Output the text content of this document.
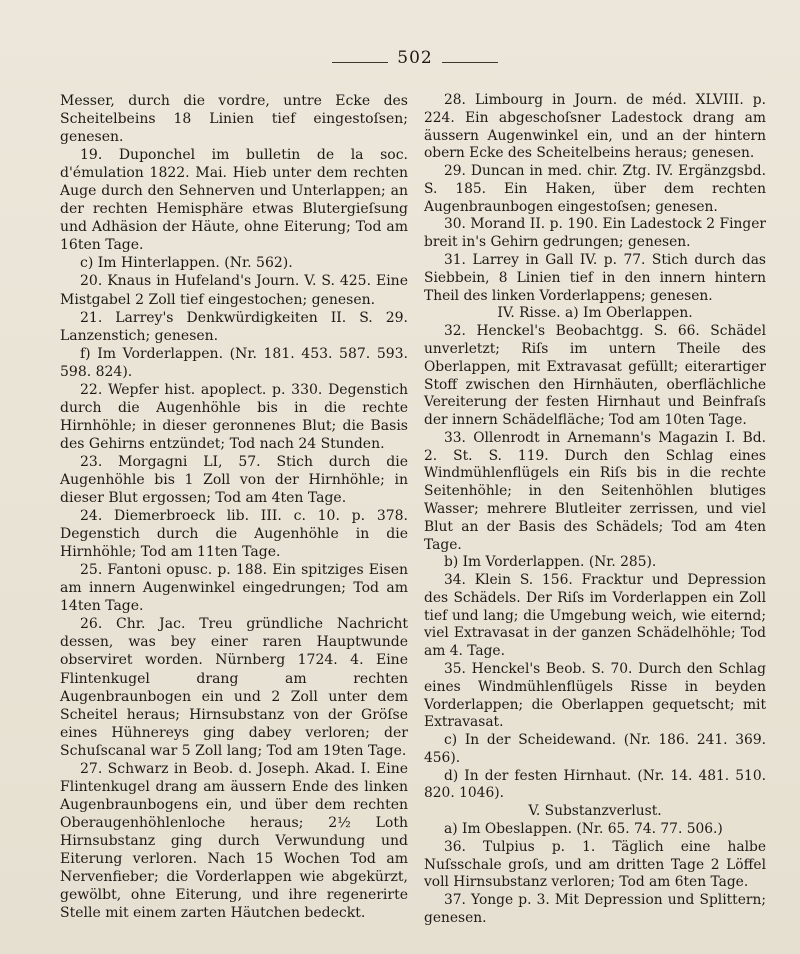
502

Messer, durch die vordre, untre Ecke des Scheitelbeins 18 Linien tief eingestoſsen; genesen.

19. Duponchel im bulletin de la soc. d'émulation 1822. Mai. Hieb unter dem rechten Auge durch den Sehnerven und Unterlappen; an der rechten Hemisphäre etwas Blutergieſsung und Adhäsion der Häute, ohne Eiterung; Tod am 16ten Tage.

c) Im Hinterlappen. (Nr. 562).

20. Knaus in Hufeland's Journ. V. S. 425. Eine Mistgabel 2 Zoll tief eingestochen; genesen.

21. Larrey's Denkwürdigkeiten II. S. 29. Lanzenstich; genesen.

f) Im Vorderlappen. (Nr. 181. 453. 587. 593. 598. 824).

22. Wepfer hist. apoplect. p. 330. Degenstich durch die Augenhöhle bis in die rechte Hirnhöhle; in dieser geronnenes Blut; die Basis des Gehirns entzündet; Tod nach 24 Stunden.

23. Morgagni LI, 57. Stich durch die Augenhöhle bis 1 Zoll von der Hirnhöhle; in dieser Blut ergossen; Tod am 4ten Tage.

24. Diemerbroeck lib. III. c. 10. p. 378. Degenstich durch die Augenhöhle in die Hirnhöhle; Tod am 11ten Tage.

25. Fantoni opusc. p. 188. Ein spitziges Eisen am innern Augenwinkel eingedrungen; Tod am 14ten Tage.

26. Chr. Jac. Treu gründliche Nachricht dessen, was bey einer raren Hauptwunde observiret worden. Nürnberg 1724. 4. Eine Flintenkugel drang am rechten Augenbraunbogen ein und 2 Zoll unter dem Scheitel heraus; Hirnsubstanz von der Gröſse eines Hühnereys ging dabey verloren; der Schuſscanal war 5 Zoll lang; Tod am 19ten Tage.

27. Schwarz in Beob. d. Joseph. Akad. I. Eine Flintenkugel drang am äussern Ende des linken Augenbraunbogens ein, und über dem rechten Oberaugenhöhlenloche heraus; 2½ Loth Hirnsubstanz ging durch Verwundung und Eiterung verloren. Nach 15 Wochen Tod am Nervenfieber; die Vorderlappen wie abgekürzt, gewölbt, ohne Eiterung, und ihre regenerirte Stelle mit einem zarten Häutchen bedeckt.

28. Limbourg in Journ. de méd. XLVIII. p. 224. Ein abgeschoſsner Ladestock drang am äussern Augenwinkel ein, und an der hintern obern Ecke des Scheitelbeins heraus; genesen.

29. Duncan in med. chir. Ztg. IV. Ergänzgsbd. S. 185. Ein Haken, über dem rechten Augenbraunbogen eingestoſsen; genesen.

30. Morand II. p. 190. Ein Ladestock 2 Finger breit in's Gehirn gedrungen; genesen.

31. Larrey in Gall IV. p. 77. Stich durch das Siebbein, 8 Linien tief in den innern hintern Theil des linken Vorderlappens; genesen.

IV. Risse. a) Im Oberlappen.

32. Henckel's Beobachtgg. S. 66. Schädel unverletzt; Riſs im untern Theile des Oberlappen, mit Extravasat gefüllt; eiterartiger Stoff zwischen den Hirnhäuten, oberflächliche Vereiterung der festen Hirnhaut und Beinfraſs der innern Schädelfläche; Tod am 10ten Tage.

33. Ollenrodt in Arnemann's Magazin I. Bd. 2. St. S. 119. Durch den Schlag eines Windmühlenflügels ein Riſs bis in die rechte Seitenhöhle; in den Seitenhöhlen blutiges Wasser; mehrere Blutleiter zerrissen, und viel Blut an der Basis des Schädels; Tod am 4ten Tage.

b) Im Vorderlappen. (Nr. 285).

34. Klein S. 156. Fracktur und Depression des Schädels. Der Riſs im Vorderlappen ein Zoll tief und lang; die Umgebung weich, wie eiternd; viel Extravasat in der ganzen Schädelhöhle; Tod am 4. Tage.

35. Henckel's Beob. S. 70. Durch den Schlag eines Windmühlenflügels Risse in beyden Vorderlappen; die Oberlappen gequetscht; mit Extravasat.

c) In der Scheidewand. (Nr. 186. 241. 369. 456).

d) In der festen Hirnhaut. (Nr. 14. 481. 510. 820. 1046).

V. Substanzverlust.

a) Im Obeslappen. (Nr. 65. 74. 77. 506.)

36. Tulpius p. 1. Täglich eine halbe Nuſsschale groſs, und am dritten Tage 2 Löffel voll Hirnsubstanz verloren; Tod am 6ten Tage.

37. Yonge p. 3. Mit Depression und Splittern; genesen.
